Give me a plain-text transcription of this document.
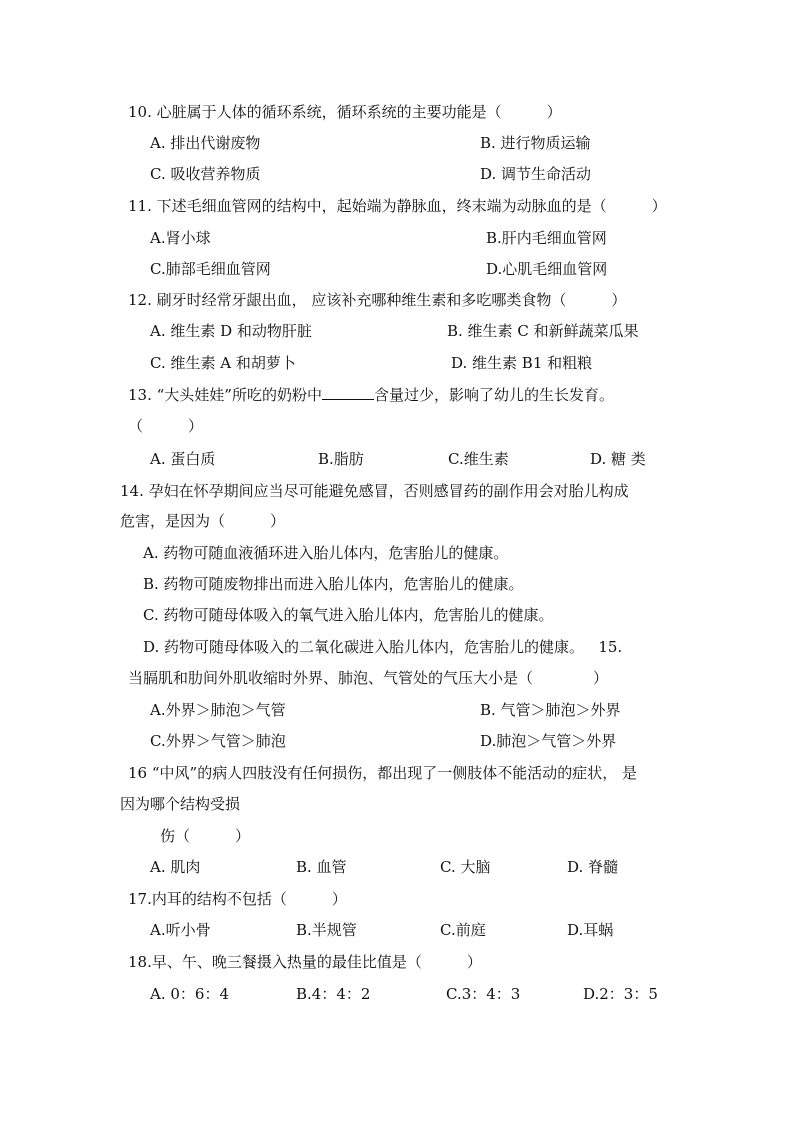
10. 心脏属于人体的循环系统，循环系统的主要功能是（　　　）
A. 排出代谢废物	B. 进行物质运输
C. 吸收营养物质	D. 调节生命活动
11. 下述毛细血管网的结构中，起始端为静脉血，终末端为动脉血的是（　　　）
A.肾小球	B.肝内毛细血管网
C.肺部毛细血管网	D.心肌毛细血管网
12. 刷牙时经常牙龈出血， 应该补充哪种维生素和多吃哪类食物（　　　）
A. 维生素 D 和动物肝脏	B. 维生素 C 和新鲜蔬菜瓜果
C. 维生素 A 和胡萝卜	D. 维生素 B1 和粗粮
13. “大头娃娃”所吃的奶粉中	含量过少，影响了幼儿的生长发育。
（　　　）
A. 蛋白质	B.脂肪	C.维生素	D. 糖 类
14. 孕妇在怀孕期间应当尽可能避免感冒，否则感冒药的副作用会对胎儿构成
危害，是因为（　　　）
A. 药物可随血液循环进入胎儿体内，危害胎儿的健康。
B. 药物可随废物排出而进入胎儿体内，危害胎儿的健康。
C. 药物可随母体吸入的氧气进入胎儿体内，危害胎儿的健康。
D. 药物可随母体吸入的二氧化碳进入胎儿体内，危害胎儿的健康。 15.
当膈肌和肋间外肌收缩时外界、肺泡、气管处的气压大小是（　　　　）
A.外界＞肺泡＞气管	B. 气管＞肺泡＞外界
C.外界＞气管＞肺泡	D.肺泡＞气管＞外界
16 “中风”的病人四肢没有任何损伤，都出现了一侧肢体不能活动的症状， 是
因为哪个结构受损
伤（　　　）
A. 肌肉	B. 血管	C. 大脑	D. 脊髓
17.内耳的结构不包括（　　　）
A.听小骨	B.半规管	C.前庭	D.耳蜗
18.早、午、晚三餐摄入热量的最佳比值是（　　　）
A. 0：6：4	B.4：4：2	C.3：4：3	D.2：3：5
